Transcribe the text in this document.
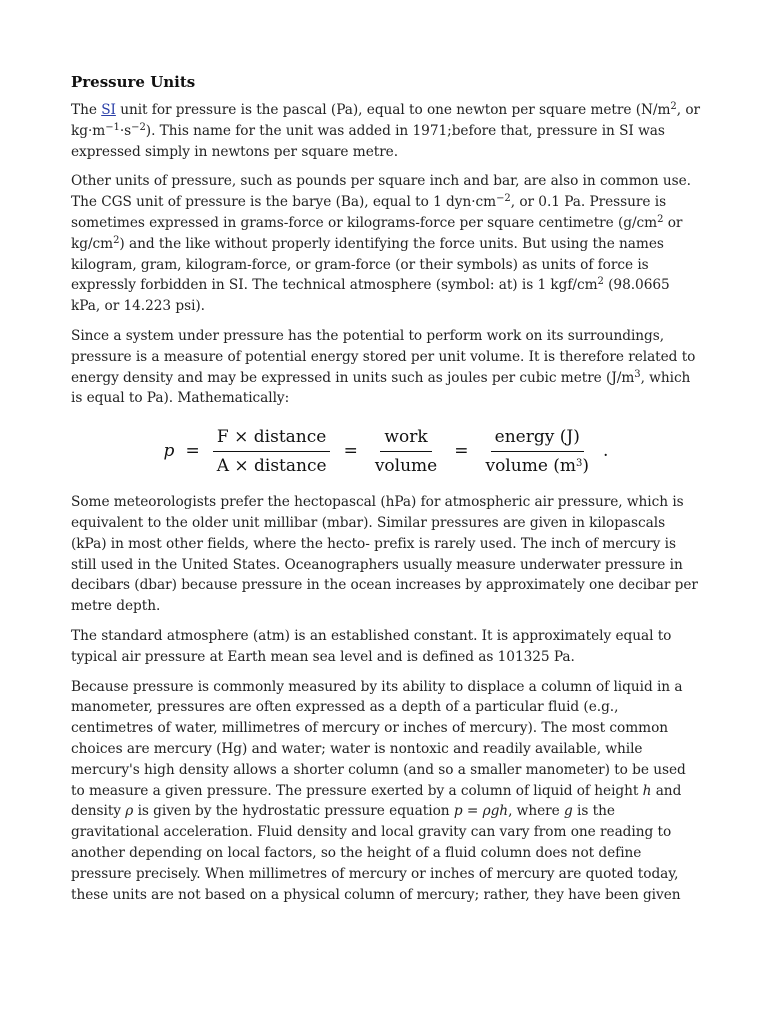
Pressure Units

The SI unit for pressure is the pascal (Pa), equal to one newton per square metre ($N/m^2$, or $kg\cdot m^{-1}\cdot s^{-2}$). This name for the unit was added in 1971;before that, pressure in SI was expressed simply in newtons per square metre.

Other units of pressure, such as pounds per square inch and bar, are also in common use. The CGS unit of pressure is the barye (Ba), equal to 1 $dyn\cdot cm^{-2}$, or 0.1 Pa. Pressure is sometimes expressed in grams-force or kilograms-force per square centimetre ($g/cm^2$ or $kg/cm^2$) and the like without properly identifying the force units. But using the names kilogram, gram, kilogram-force, or gram-force (or their symbols) as units of force is expressly forbidden in SI. The technical atmosphere (symbol: at) is 1 kgf/$cm^2$ (98.0665 kPa, or 14.223 psi).

Since a system under pressure has the potential to perform work on its surroundings, pressure is a measure of potential energy stored per unit volume. It is therefore related to energy density and may be expressed in units such as joules per cubic metre ($J/m^3$, which is equal to Pa). Mathematically:

$p = \frac{\text{F × distance}}{\text{A × distance}} = \frac{\text{work}}{\text{volume}} = \frac{\text{energy (J)}}{volume (m^3)}$ .

Some meteorologists prefer the hectopascal (hPa) for atmospheric air pressure, which is equivalent to the older unit millibar (mbar). Similar pressures are given in kilopascals (kPa) in most other fields, where the hecto- prefix is rarely used. The inch of mercury is still used in the United States. Oceanographers usually measure underwater pressure in decibars (dbar) because pressure in the ocean increases by approximately one decibar per metre depth.

The standard atmosphere (atm) is an established constant. It is approximately equal to typical air pressure at Earth mean sea level and is defined as 101325 Pa.

Because pressure is commonly measured by its ability to displace a column of liquid in a manometer, pressures are often expressed as a depth of a particular fluid (e.g., centimetres of water, millimetres of mercury or inches of mercury). The most common choices are mercury (Hg) and water; water is nontoxic and readily available, while mercury's high density allows a shorter column (and so a smaller manometer) to be used to measure a given pressure. The pressure exerted by a column of liquid of height h and density ρ is given by the hydrostatic pressure equation p = ρgh, where g is the gravitational acceleration. Fluid density and local gravity can vary from one reading to another depending on local factors, so the height of a fluid column does not define pressure precisely. When millimetres of mercury or inches of mercury are quoted today, these units are not based on a physical column of mercury; rather, they have been given
